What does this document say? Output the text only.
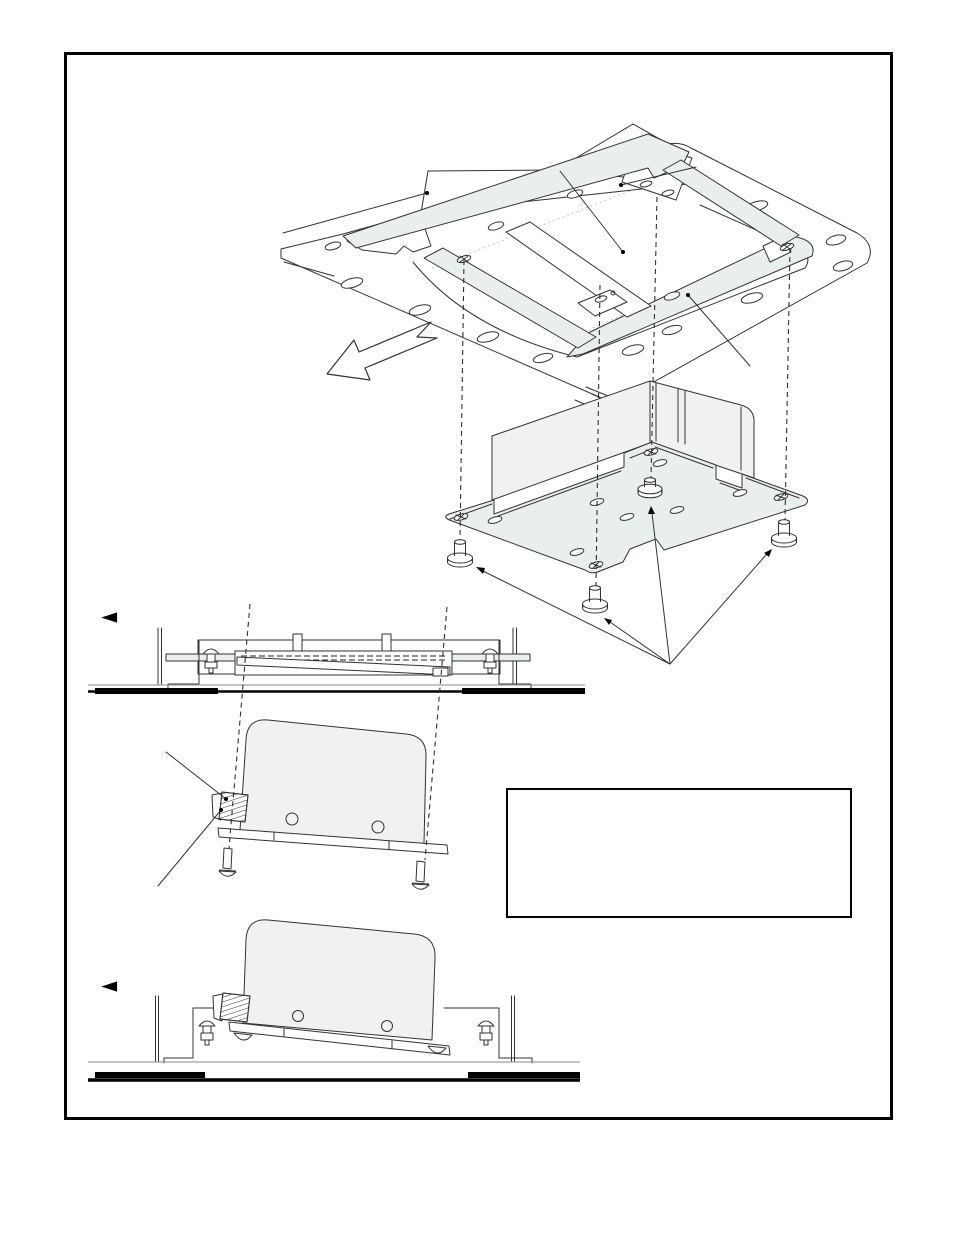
◄
◄
